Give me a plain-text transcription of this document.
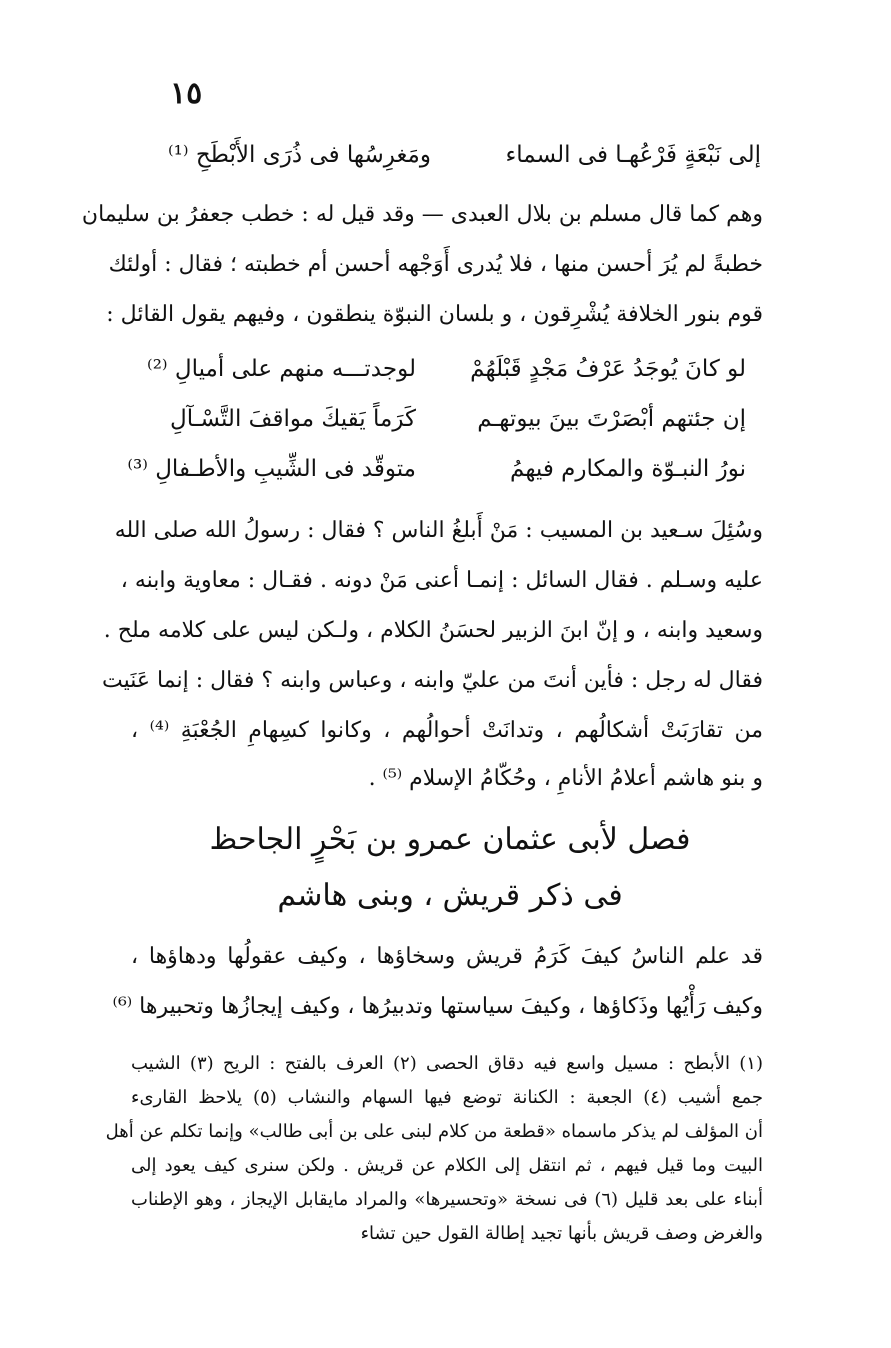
١٥
إلى نَبْعَةٍ فَرْعُهـا فى السماء
ومَغرِسُها فى ذُرَى الأَبْطَحِ ⁽¹⁾
وهم كما قال مسلم بن بلال العبدى — وقد قيل له : خطب جعفرُ بن سليمان
خطبةً لم يُرَ أحسن منها ، فلا يُدرى أَوَجْهه أحسن أم خطبته ؛ فقال : أولئك
قوم بنور الخلافة يُشْرِقون ، و بلسان النبوّة ينطقون ، وفيهم يقول القائل :
لو كانَ يُوجَدُ عَرْفُ مَجْدٍ قَبْلَهُمْ
لوجدتـــه منهم على أميالِ ⁽²⁾
إن جئتهم أبْصَرْتَ بينَ بيوتهـم
كَرَماً يَقيكَ مواقفَ التَّسْـآلِ
نورُ النبـوّة والمكارم فيهمُ
متوقّد فى الشِّيبِ والأطـفالِ ⁽³⁾
وسُئِلَ سـعيد بن المسيب : مَنْ أَبلغُ الناس ؟ فقال : رسولُ الله صلى الله
عليه وسـلم . فقال السائل : إنمـا أعنى مَنْ دونه . فقـال : معاوية وابنه ،
وسعيد وابنه ، و إنّ ابنَ الزبير لحسَنُ الكلام ، ولـكن ليس على كلامه ملح .
فقال له رجل : فأين أنتَ من عليّ وابنه ، وعباس وابنه ؟ فقال : إنما عَنَيت
من تقارَبَتْ أشكالُهم ، وتدانَتْ أحوالُهم ، وكانوا كسِهامِ الجُعْبَةِ ⁽⁴⁾ ،
و بنو هاشم أعلامُ الأنامِ ، وحُكّامُ الإسلام ⁽⁵⁾ .
فصل لأبى عثمان عمرو بن بَحْرٍ الجاحظ
فى ذكر قريش ، وبنى هاشم
قد علم الناسُ كيفَ كَرَمُ قريش وسخاؤها ، وكيف عقولُها ودهاؤها ،
وكيف رَأْيُها وذَكاؤها ، وكيفَ سياستها وتدبيرُها ، وكيف إيجازُها وتحبيرها ⁽⁶⁾
(١) الأبطح : مسيل واسع فيه دقاق الحصى (٢) العرف بالفتح : الريح (٣) الشيب
جمع أشيب (٤) الجعبة : الكنانة توضع فيها السهام والنشاب (٥) يلاحظ القارىء
أن المؤلف لم يذكر ماسماه «قطعة من كلام لبنى على بن أبى طالب» وإنما تكلم عن أهل
البيت وما قيل فيهم ، ثم انتقل إلى الكلام عن قريش . ولكن سنرى كيف يعود إلى
أبناء على بعد قليل (٦) فى نسخة «وتحسيرها» والمراد مايقابل الإيجاز ، وهو الإطناب
والغرض وصف قريش بأنها تجيد إطالة القول حين تشاء
